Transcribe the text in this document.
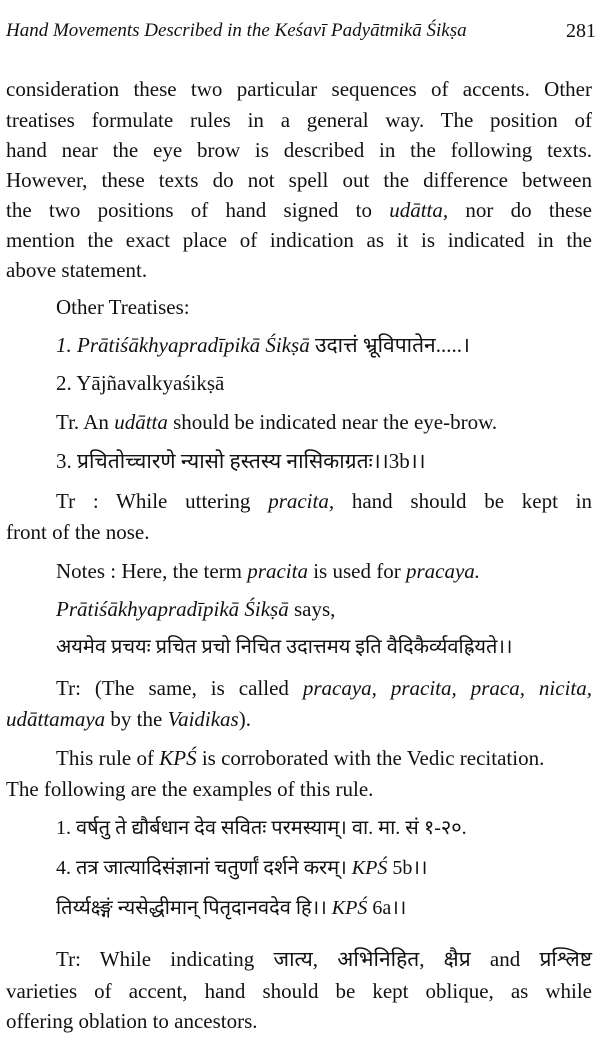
Hand Movements Described in the Keśavī Padyātmikā Śikṣa	281
consideration these two particular sequences of accents. Other
treatises formulate rules in a general way. The position of
hand near the eye brow is described in the following texts.
However, these texts do not spell out the difference between
the two positions of hand signed to udātta, nor do these
mention the exact place of indication as it is indicated in the
above statement.
Other Treatises:
1. Prātiśākhyapradīpikā Śikṣā उदात्तं भ्रूविपातेन.....।
2. Yājñavalkyaśikṣā
Tr. An udātta should be indicated near the eye-brow.
3. प्रचितोच्चारणे न्यासो हस्तस्य नासिकाग्रतः।।3b।।
Tr : While uttering pracita, hand should be kept in
front of the nose.
Notes : Here, the term pracita is used for pracaya.
Prātiśākhyapradīpikā Śikṣā says,
अयमेव प्रचयः प्रचित प्रचो निचित उदात्तमय इति वैदिकैर्व्यवह्रियते।।
Tr: (The same, is called pracaya, pracita, praca, nicita,
udāttamaya by the Vaidikas).
This rule of KPŚ is corroborated with the Vedic recitation.
The following are the examples of this rule.
1. वर्षतु ते द्यौर्बधान देव सवितः परमस्याम्। वा. मा. सं १-२०.
4. तत्र जात्यादिसंज्ञानां चतुर्णां दर्शने करम्। KPŚ 5b।।
तिर्य्यक्ष्ङ्गं न्यसेद्धीमान् पितृदानवदेव हि।। KPŚ 6a।।
Tr: While indicating जात्य, अभिनिहित, क्षैप्र and प्रश्लिष्ट
varieties of accent, hand should be kept oblique, as while
offering oblation to ancestors.
